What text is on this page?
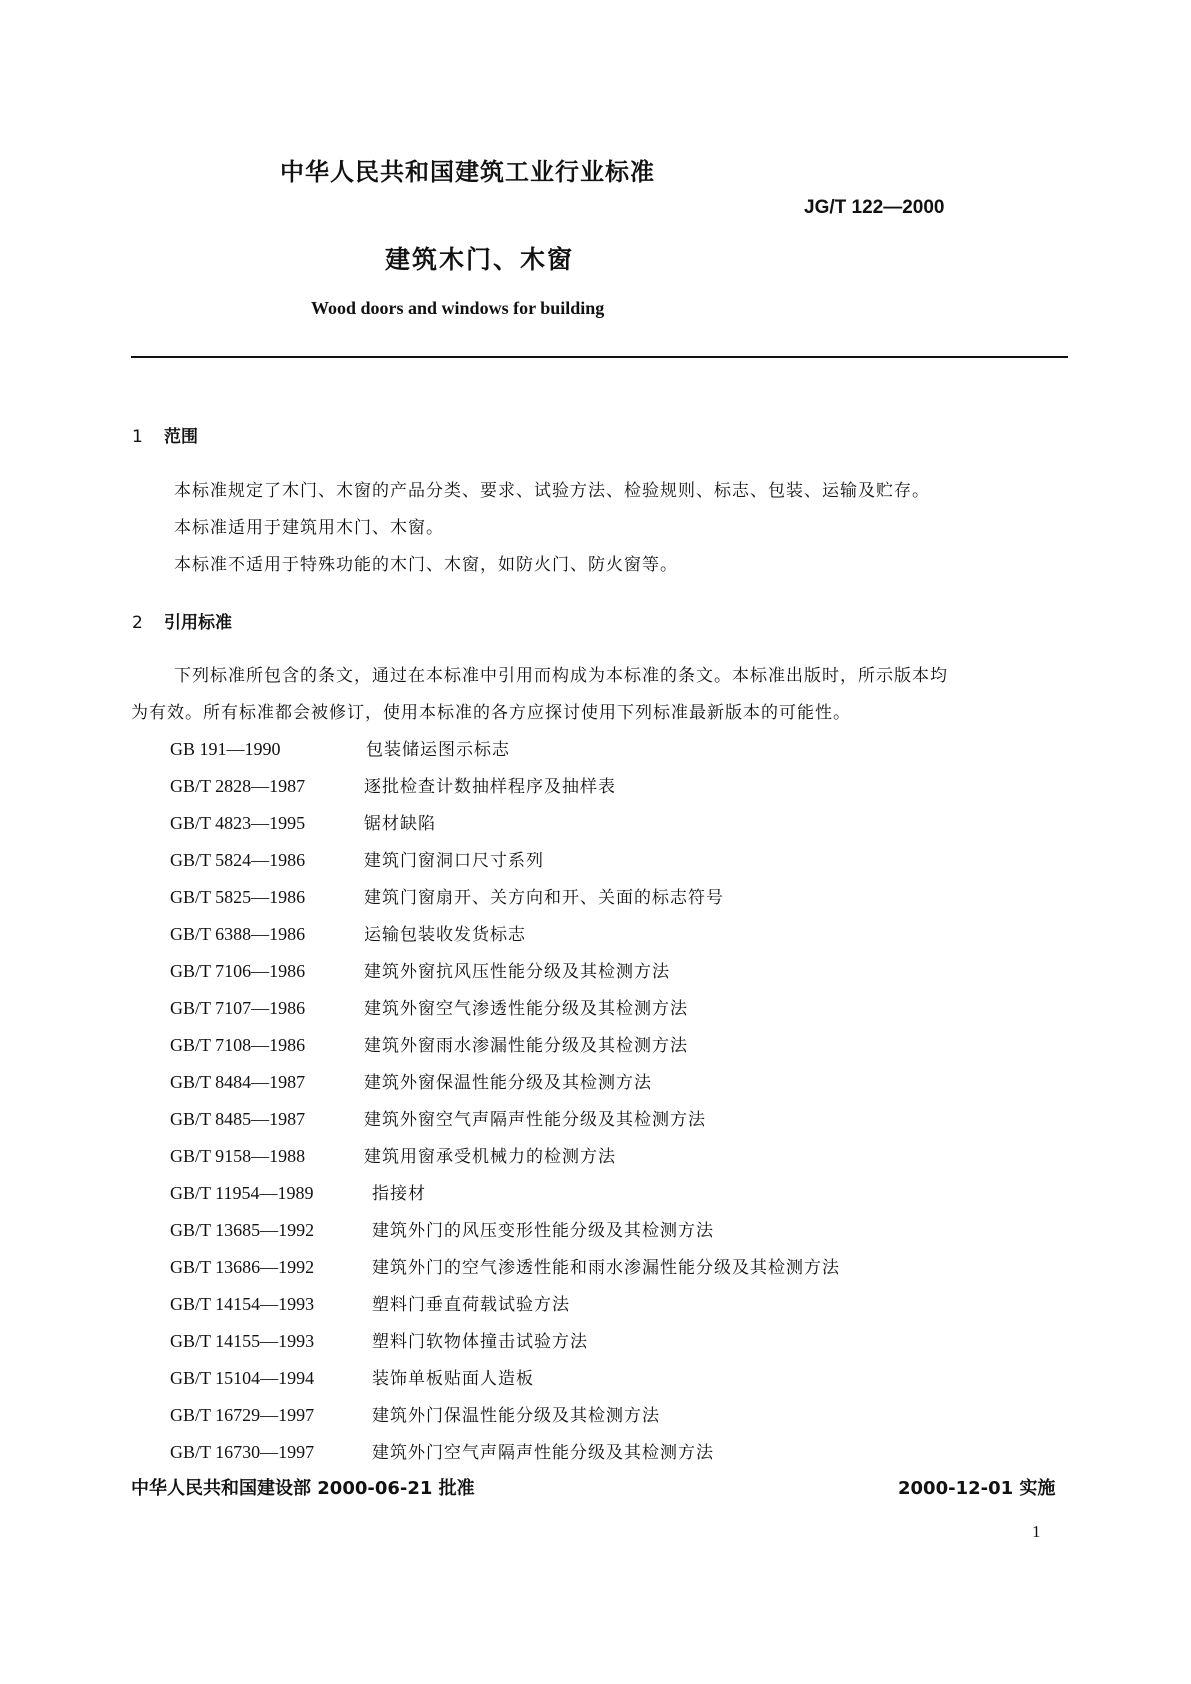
中华人民共和国建筑工业行业标准
JG/T 122—2000
建筑木门、木窗
Wood doors and windows for building
1 范围
本标准规定了木门、木窗的产品分类、要求、试验方法、检验规则、标志、包装、运输及贮存。
本标准适用于建筑用木门、木窗。
本标准不适用于特殊功能的木门、木窗，如防火门、防火窗等。
2 引用标准
下列标准所包含的条文，通过在本标准中引用而构成为本标准的条文。本标准出版时，所示版本均
为有效。所有标准都会被修订，使用本标准的各方应探讨使用下列标准最新版本的可能性。
GB 191—1990	包装储运图示标志
GB/T 2828—1987	逐批检查计数抽样程序及抽样表
GB/T 4823—1995	锯材缺陷
GB/T 5824—1986	建筑门窗洞口尺寸系列
GB/T 5825—1986	建筑门窗扇开、关方向和开、关面的标志符号
GB/T 6388—1986	运输包装收发货标志
GB/T 7106—1986	建筑外窗抗风压性能分级及其检测方法
GB/T 7107—1986	建筑外窗空气渗透性能分级及其检测方法
GB/T 7108—1986	建筑外窗雨水渗漏性能分级及其检测方法
GB/T 8484—1987	建筑外窗保温性能分级及其检测方法
GB/T 8485—1987	建筑外窗空气声隔声性能分级及其检测方法
GB/T 9158—1988	建筑用窗承受机械力的检测方法
GB/T 11954—1989	指接材
GB/T 13685—1992	建筑外门的风压变形性能分级及其检测方法
GB/T 13686—1992	建筑外门的空气渗透性能和雨水渗漏性能分级及其检测方法
GB/T 14154—1993	塑料门垂直荷载试验方法
GB/T 14155—1993	塑料门软物体撞击试验方法
GB/T 15104—1994	装饰单板贴面人造板
GB/T 16729—1997	建筑外门保温性能分级及其检测方法
GB/T 16730—1997	建筑外门空气声隔声性能分级及其检测方法
中华人民共和国建设部 2000-06-21 批准	2000-12-01 实施
1
